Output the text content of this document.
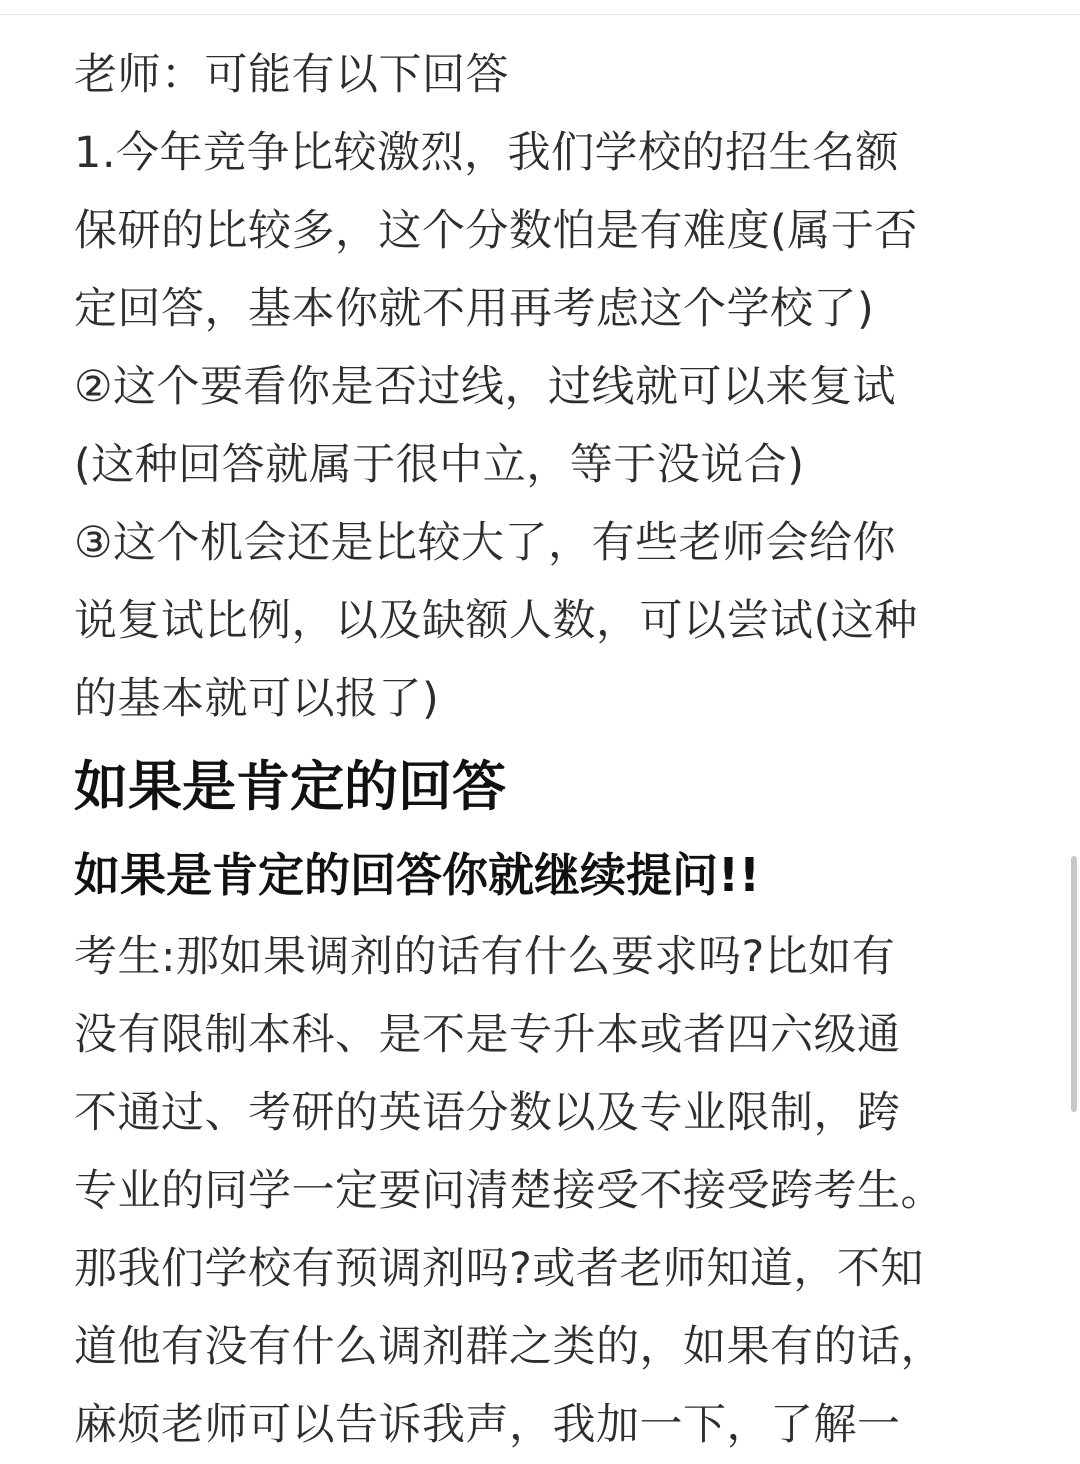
老师：可能有以下回答
1.今年竞争比较激烈，我们学校的招生名额
保研的比较多，这个分数怕是有难度(属于否
定回答，基本你就不用再考虑这个学校了)
②这个要看你是否过线，过线就可以来复试
(这种回答就属于很中立，等于没说合)
③这个机会还是比较大了，有些老师会给你
说复试比例，以及缺额人数，可以尝试(这种
的基本就可以报了)
如果是肯定的回答
如果是肯定的回答你就继续提问!!
考生:那如果调剂的话有什么要求吗?比如有
没有限制本科、是不是专升本或者四六级通
不通过、考研的英语分数以及专业限制，跨
专业的同学一定要问清楚接受不接受跨考生。
那我们学校有预调剂吗?或者老师知道，不知
道他有没有什么调剂群之类的，如果有的话，
麻烦老师可以告诉我声，我加一下，了解一
